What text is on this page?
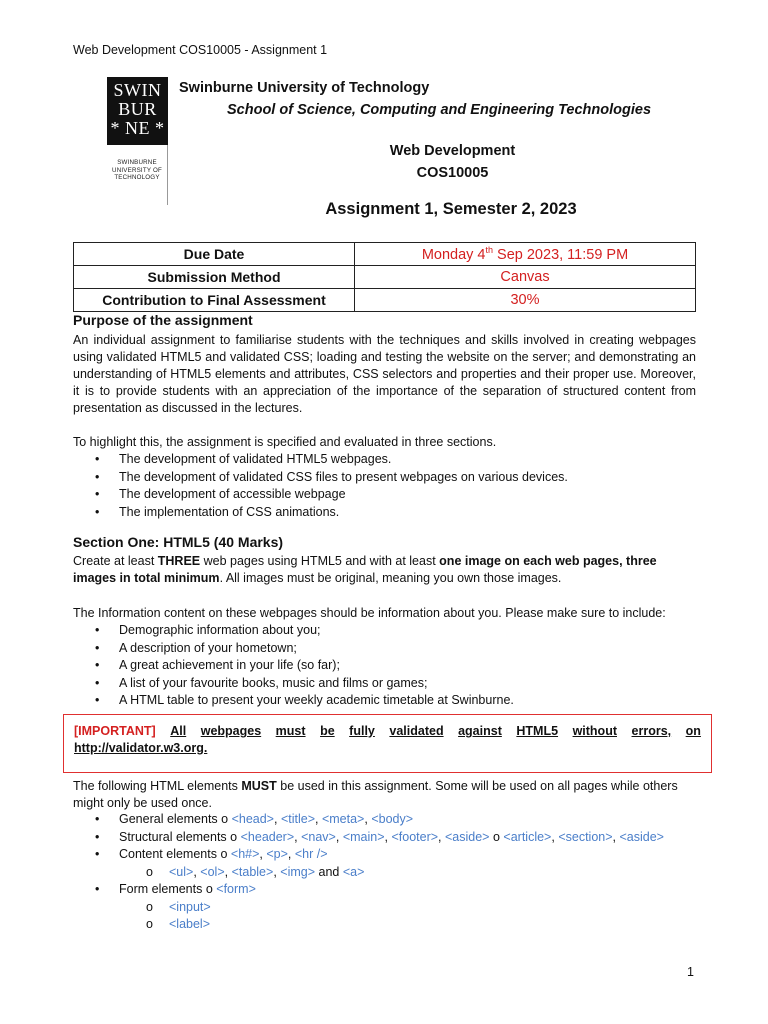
Web Development COS10005 - Assignment 1
SWIN
BUR
* NE *
SWINBURNE
UNIVERSITY OF
TECHNOLOGY
Swinburne University of Technology
School of Science, Computing and Engineering Technologies
Web Development
COS10005
Assignment 1, Semester 2, 2023
Due Date	Monday 4th Sep 2023, 11:59 PM
Submission Method	Canvas
Contribution to Final Assessment	30%
Purpose of the assignment
An individual assignment to familiarise students with the techniques and skills involved in creating webpages using validated HTML5 and validated CSS; loading and testing the website on the server; and demonstrating an understanding of HTML5 elements and attributes, CSS selectors and properties and their proper use. Moreover, it is to provide students with an appreciation of the importance of the separation of structured content from presentation as discussed in the lectures.
To highlight this, the assignment is specified and evaluated in three sections.
• The development of validated HTML5 webpages.
• The development of validated CSS files to present webpages on various devices.
• The development of accessible webpage
• The implementation of CSS animations.
Section One: HTML5 (40 Marks)
Create at least THREE web pages using HTML5 and with at least one image on each web pages, three images in total minimum. All images must be original, meaning you own those images.
The Information content on these webpages should be information about you. Please make sure to include:
• Demographic information about you;
• A description of your hometown;
• A great achievement in your life (so far);
• A list of your favourite books, music and films or games;
• A HTML table to present your weekly academic timetable at Swinburne.
[IMPORTANT] All webpages must be fully validated against HTML5 without errors, on
http://validator.w3.org.
The following HTML elements MUST be used in this assignment. Some will be used on all pages while others might only be used once.
• General elements o <head>, <title>, <meta>, <body>
• Structural elements o <header>, <nav>, <main>, <footer>, <aside> o <article>, <section>, <aside>
• Content elements o <h#>, <p>, <hr />
o <ul>, <ol>, <table>, <img> and <a>
• Form elements o <form>
o <input>
o <label>
1
